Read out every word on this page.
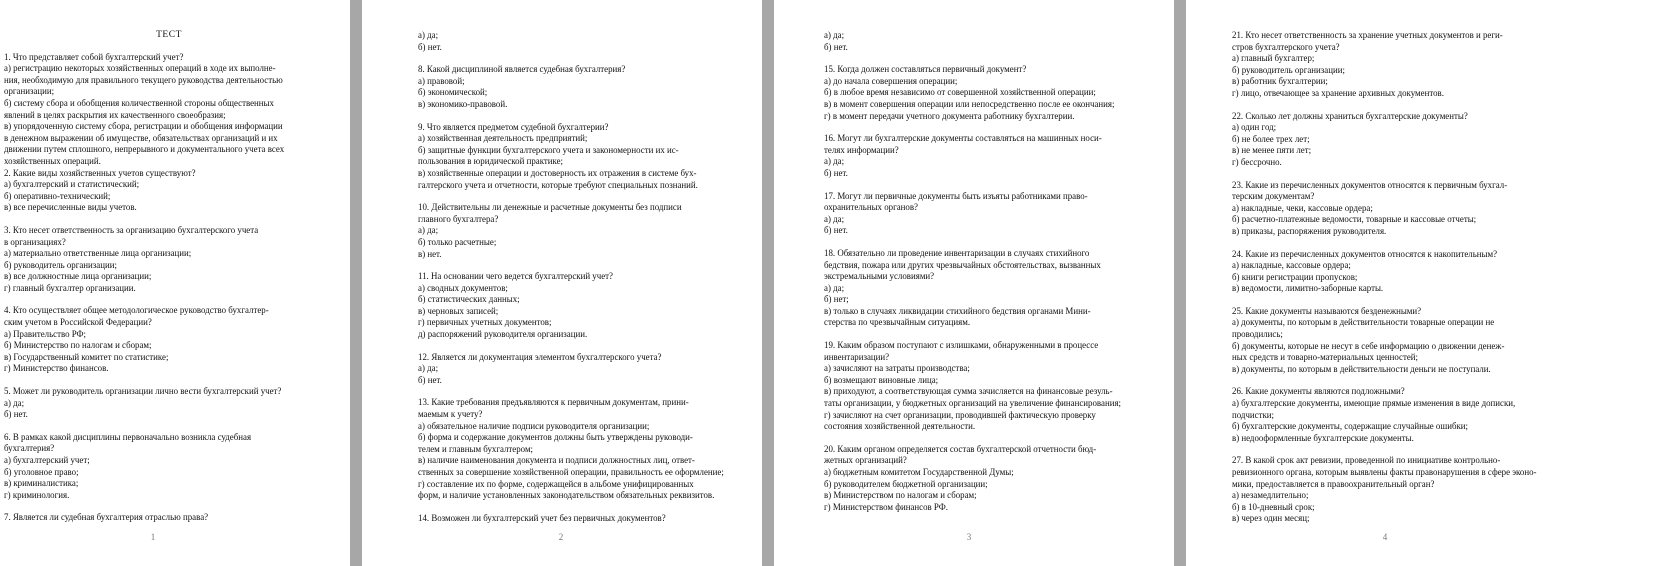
ТЕСТ
1. Что представляет собой бухгалтерский учет?
а) регистрацию некоторых хозяйственных операций в ходе их выполне-
ния, необходимую для правильного текущего руководства деятельностью
организации;
б) систему сбора и обобщения количественной стороны общественных
явлений в целях раскрытия их качественного своеобразия;
в) упорядоченную систему сбора, регистрации и обобщения информации
в денежном выражении об имуществе, обязательствах организаций и их
движении путем сплошного, непрерывного и документального учета всех
хозяйственных операций.
2. Какие виды хозяйственных учетов существуют?
а) бухгалтерский и статистический;
б) оперативно-технический;
в) все перечисленные виды учетов.
3. Кто несет ответственность за организацию бухгалтерского учета
в организациях?
а) материально ответственные лица организации;
б) руководитель организации;
в) все должностные лица организации;
г) главный бухгалтер организации.
4. Кто осуществляет общее методологическое руководство бухгалтер-
ским учетом в Российской Федерации?
а) Правительство РФ;
б) Министерство по налогам и сборам;
в) Государственный комитет по статистике;
г) Министерство финансов.
5. Может ли руководитель организации лично вести бухгалтерский учет?
а) да;
б) нет.
6. В рамках какой дисциплины первоначально возникла судебная
бухгалтерия?
а) бухгалтерский учет;
б) уголовное право;
в) криминалистика;
г) криминология.
7. Является ли судебная бухгалтерия отраслью права?
1
а) да;
б) нет.
8. Какой дисциплиной является судебная бухгалтерия?
а) правовой;
б) экономической;
в) экономико-правовой.
9. Что является предметом судебной бухгалтерии?
а) хозяйственная деятельность предприятий;
б) защитные функции бухгалтерского учета и закономерности их ис-
пользования в юридической практике;
в) хозяйственные операции и достоверность их отражения в системе бух-
галтерского учета и отчетности, которые требуют специальных познаний.
10. Действительны ли денежные и расчетные документы без подписи
главного бухгалтера?
а) да;
б) только расчетные;
в) нет.
11. На основании чего ведется бухгалтерский учет?
а) сводных документов;
б) статистических данных;
в) черновых записей;
г) первичных учетных документов;
д) распоряжений руководителя организации.
12. Является ли документация элементом бухгалтерского учета?
а) да;
б) нет.
13. Какие требования предъявляются к первичным документам, прини-
маемым к учету?
а) обязательное наличие подписи руководителя организации;
б) форма и содержание документов должны быть утверждены руководи-
телем и главным бухгалтером;
в) наличие наименования документа и подписи должностных лиц, ответ-
ственных за совершение хозяйственной операции, правильность ее оформление;
г) составление их по форме, содержащейся в альбоме унифицированных
форм, и наличие установленных законодательством обязательных реквизитов.
14. Возможен ли бухгалтерский учет без первичных документов?
2
а) да;
б) нет.
15. Когда должен составляться первичный документ?
а) до начала совершения операции;
б) в любое время независимо от совершенной хозяйственной операции;
в) в момент совершения операции или непосредственно после ее окончания;
г) в момент передачи учетного документа работнику бухгалтерии.
16. Могут ли бухгалтерские документы составляться на машинных носи-
телях информации?
а) да;
б) нет.
17. Могут ли первичные документы быть изъяты работниками право-
охранительных органов?
а) да;
б) нет.
18. Обязательно ли проведение инвентаризации в случаях стихийного
бедствия, пожара или других чрезвычайных обстоятельствах, вызванных
экстремальными условиями?
а) да;
б) нет;
в) только в случаях ликвидации стихийного бедствия органами Мини-
стерства по чрезвычайным ситуациям.
19. Каким образом поступают с излишками, обнаруженными в процессе
инвентаризации?
а) зачисляют на затраты производства;
б) возмещают виновные лица;
в) приходуют, а соответствующая сумма зачисляется на финансовые резуль-
таты организации, у бюджетных организаций на увеличение финансирования;
г) зачисляют на счет организации, проводившей фактическую проверку
состояния хозяйственной деятельности.
20. Каким органом определяется состав бухгалтерской отчетности бюд-
жетных организаций?
а) бюджетным комитетом Государственной Думы;
б) руководителем бюджетной организации;
в) Министерством по налогам и сборам;
г) Министерством финансов РФ.
3
21. Кто несет ответственность за хранение учетных документов и реги-
стров бухгалтерского учета?
а) главный бухгалтер;
б) руководитель организации;
в) работник бухгалтерии;
г) лицо, отвечающее за хранение архивных документов.
22. Сколько лет должны храниться бухгалтерские документы?
а) один год;
б) не более трех лет;
в) не менее пяти лет;
г) бессрочно.
23. Какие из перечисленных документов относятся к первичным бухгал-
терским документам?
а) накладные, чеки, кассовые ордера;
б) расчетно-платежные ведомости, товарные и кассовые отчеты;
в) приказы, распоряжения руководителя.
24. Какие из перечисленных документов относятся к накопительным?
а) накладные, кассовые ордера;
б) книги регистрации пропусков;
в) ведомости, лимитно-заборные карты.
25. Какие документы называются безденежными?
а) документы, по которым в действительности товарные операции не
проводились;
б) документы, которые не несут в себе информацию о движении денеж-
ных средств и товарно-материальных ценностей;
в) документы, по которым в действительности деньги не поступали.
26. Какие документы являются подложными?
а) бухгалтерские документы, имеющие прямые изменения в виде дописки,
подчистки;
б) бухгалтерские документы, содержащие случайные ошибки;
в) недооформленные бухгалтерские документы.
27. В какой срок акт ревизии, проведенной по инициативе контрольно-
ревизионного органа, которым выявлены факты правонарушения в сфере эконо-
мики, предоставляется в правоохранительный орган?
а) незамедлительно;
б) в 10-дневный срок;
в) через один месяц;
4
